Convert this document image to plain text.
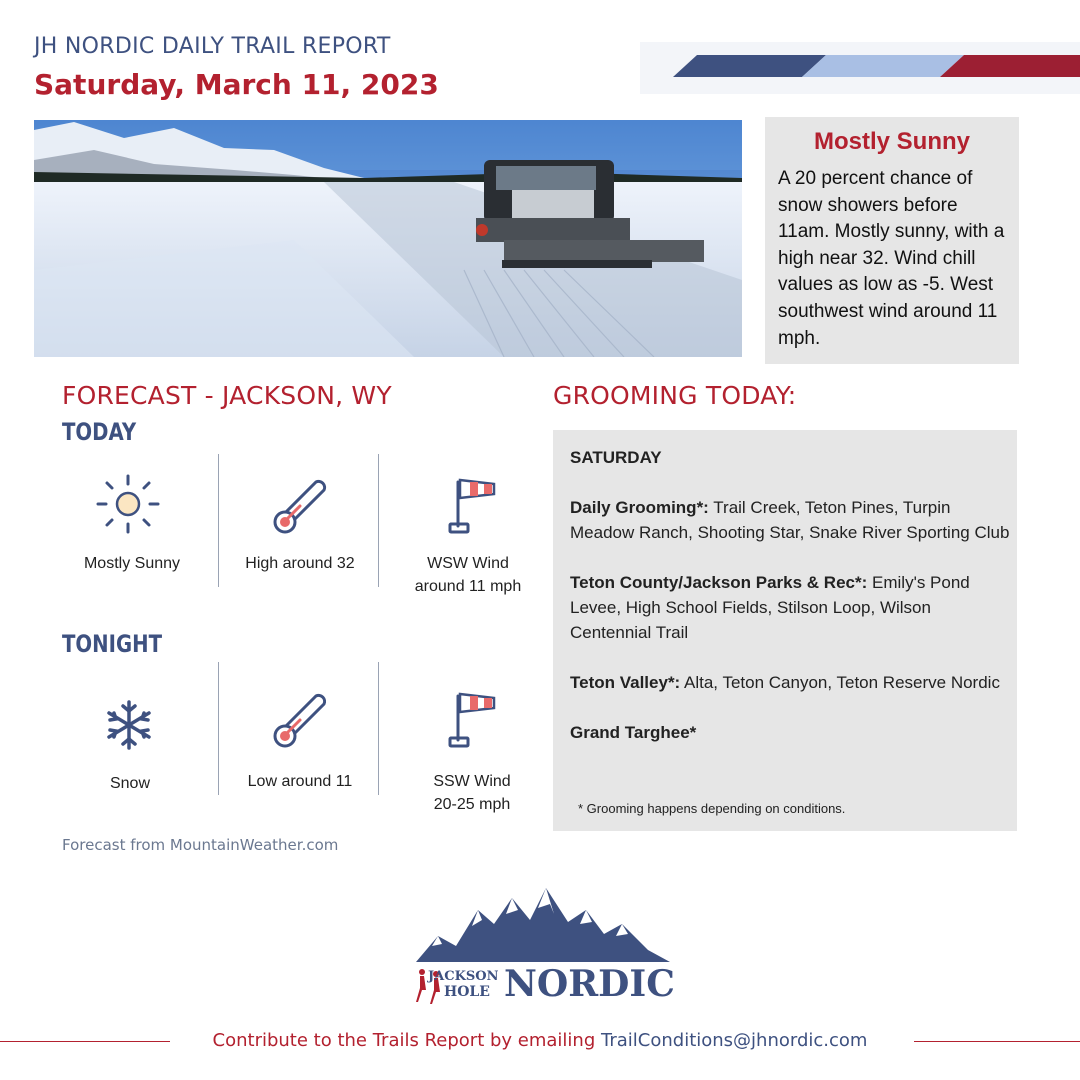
JH NORDIC DAILY TRAIL REPORT
Saturday, March 11, 2023
Mostly Sunny
A 20 percent chance of snow showers before 11am. Mostly sunny, with a high near 32. Wind chill values as low as -5. West southwest wind around 11 mph.
FORECAST - JACKSON, WY
TODAY
Mostly Sunny	High around 32	WSW Wind
around 11 mph
TONIGHT
Snow	Low around 11	SSW Wind
20-25 mph
Forecast from MountainWeather.com
GROOMING TODAY:

SATURDAY

Daily Grooming*: Trail Creek, Teton Pines, Turpin Meadow Ranch, Shooting Star, Snake River Sporting Club

Teton County/Jackson Parks & Rec*: Emily's Pond Levee, High School Fields, Stilson Loop, Wilson Centennial Trail

Teton Valley*: Alta, Teton Canyon, Teton Reserve Nordic

Grand Targhee*

* Grooming happens depending on conditions.
JACKSON
HOLE NORDIC
Contribute to the Trails Report by emailing TrailConditions@jhnordic.com
